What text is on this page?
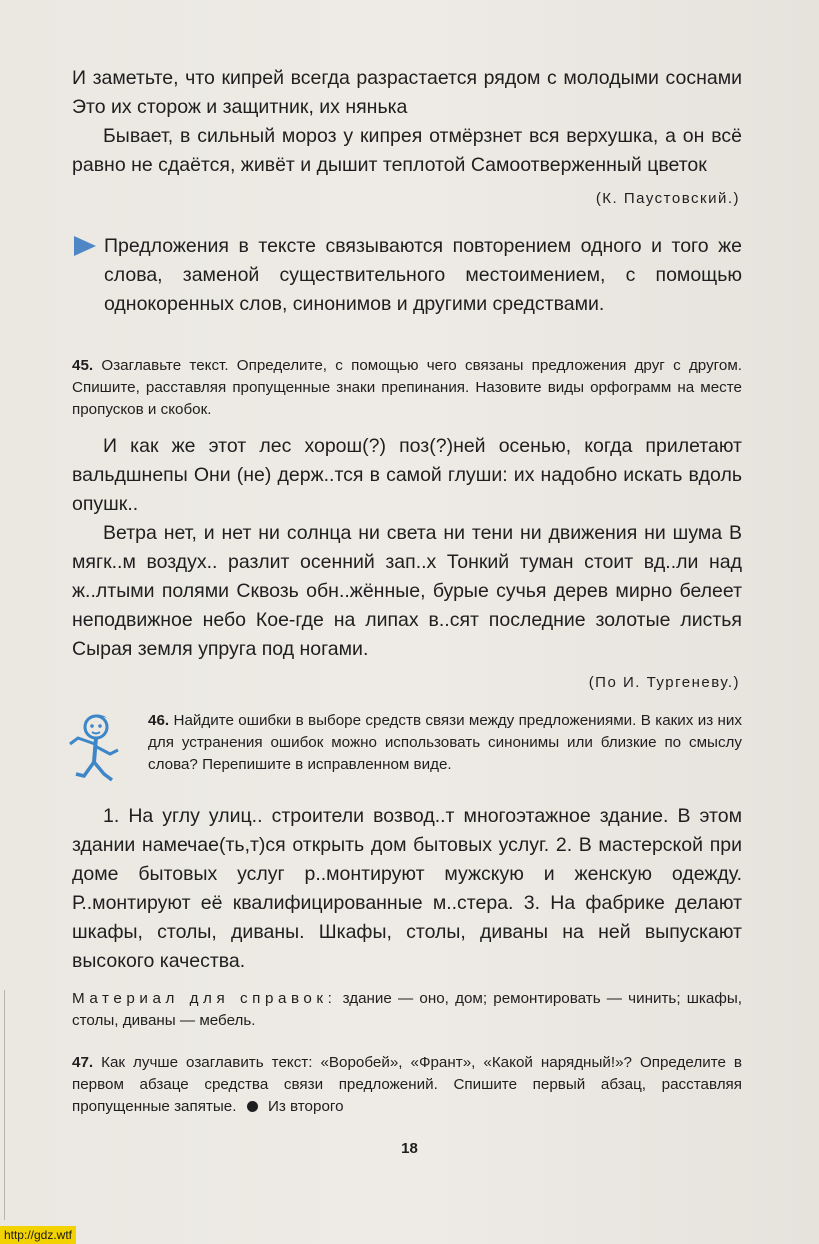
И заметьте, что кипрей всегда разрастается рядом с молодыми соснами Это их сторож и защитник, их нянька

Бывает, в сильный мороз у кипрея отмёрзнет вся верхушка, а он всё равно не сдаётся, живёт и дышит теплотой Самоотверженный цветок

(К. Паустовский.)

Предложения в тексте связываются повторением одного и того же слова, заменой существительного местоимением, с помощью однокоренных слов, синонимов и другими средствами.

45. Озаглавьте текст. Определите, с помощью чего связаны предложения друг с другом. Спишите, расставляя пропущенные знаки препинания. Назовите виды орфограмм на месте пропусков и скобок.

И как же этот лес хорош(?) поз(?)ней осенью, когда прилетают вальдшнепы Они (не) держ..тся в самой глуши: их надобно искать вдоль опушк..

Ветра нет, и нет ни солнца ни света ни тени ни движения ни шума В мягк..м воздух.. разлит осенний зап..х Тонкий туман стоит вд..ли над ж..лтыми полями Сквозь обн..жённые, бурые сучья дерев мирно белеет неподвижное небо Кое-где на липах в..сят последние золотые листья Сырая земля упруга под ногами.

(По И. Тургеневу.)

46. Найдите ошибки в выборе средств связи между предложениями. В каких из них для устранения ошибок можно использовать синонимы или близкие по смыслу слова? Перепишите в исправленном виде.

1. На углу улиц.. строители возвод..т многоэтажное здание. В этом здании намечае(ть,т)ся открыть дом бытовых услуг. 2. В мастерской при доме бытовых услуг р..монтируют мужскую и женскую одежду. Р..монтируют её квалифицированные м..стера. 3. На фабрике делают шкафы, столы, диваны. Шкафы, столы, диваны на ней выпускают высокого качества.

Материал для справок: здание — оно, дом; ремонтировать — чинить; шкафы, столы, диваны — мебель.

47. Как лучше озаглавить текст: «Воробей», «Франт», «Какой нарядный!»? Определите в первом абзаце средства связи предложений. Спишите первый абзац, расставляя пропущенные запятые. Из второго

18
http://gdz.wtf
